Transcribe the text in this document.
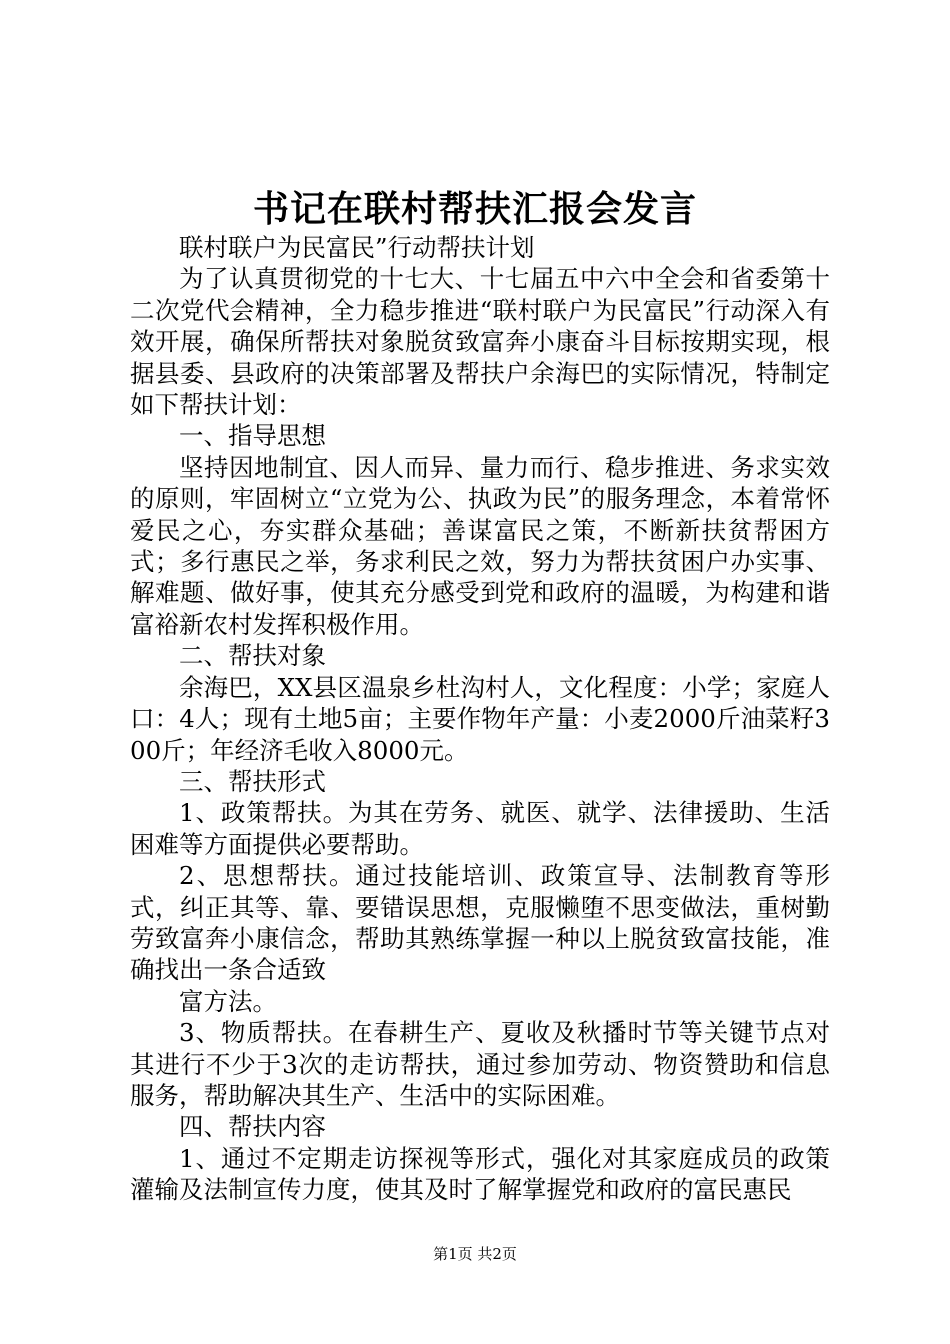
书记在联村帮扶汇报会发言

联村联户为民富民”行动帮扶计划

为了认真贯彻党的十七大、十七届五中六中全会和省委第十二次党代会精神，全力稳步推进“联村联户为民富民”行动深入有效开展，确保所帮扶对象脱贫致富奔小康奋斗目标按期实现，根据县委、县政府的决策部署及帮扶户余海巴的实际情况，特制定如下帮扶计划：

一、指导思想

坚持因地制宜、因人而异、量力而行、稳步推进、务求实效的原则，牢固树立“立党为公、执政为民”的服务理念，本着常怀爱民之心，夯实群众基础；善谋富民之策，不断新扶贫帮困方式；多行惠民之举，务求利民之效，努力为帮扶贫困户办实事、解难题、做好事，使其充分感受到党和政府的温暖，为构建和谐富裕新农村发挥积极作用。

二、帮扶对象

余海巴，XX县区温泉乡杜沟村人，文化程度：小学；家庭人口：4人；现有土地5亩；主要作物年产量：小麦2000斤油菜籽300斤；年经济毛收入8000元。

三、帮扶形式

1、政策帮扶。为其在劳务、就医、就学、法律援助、生活困难等方面提供必要帮助。

2、思想帮扶。通过技能培训、政策宣导、法制教育等形式，纠正其等、靠、要错误思想，克服懒堕不思变做法，重树勤劳致富奔小康信念，帮助其熟练掌握一种以上脱贫致富技能，准确找出一条合适致

富方法。

3、物质帮扶。在春耕生产、夏收及秋播时节等关键节点对其进行不少于3次的走访帮扶，通过参加劳动、物资赞助和信息服务，帮助解决其生产、生活中的实际困难。

四、帮扶内容

1、通过不定期走访探视等形式，强化对其家庭成员的政策灌输及法制宣传力度，使其及时了解掌握党和政府的富民惠民

第1页 共2页
